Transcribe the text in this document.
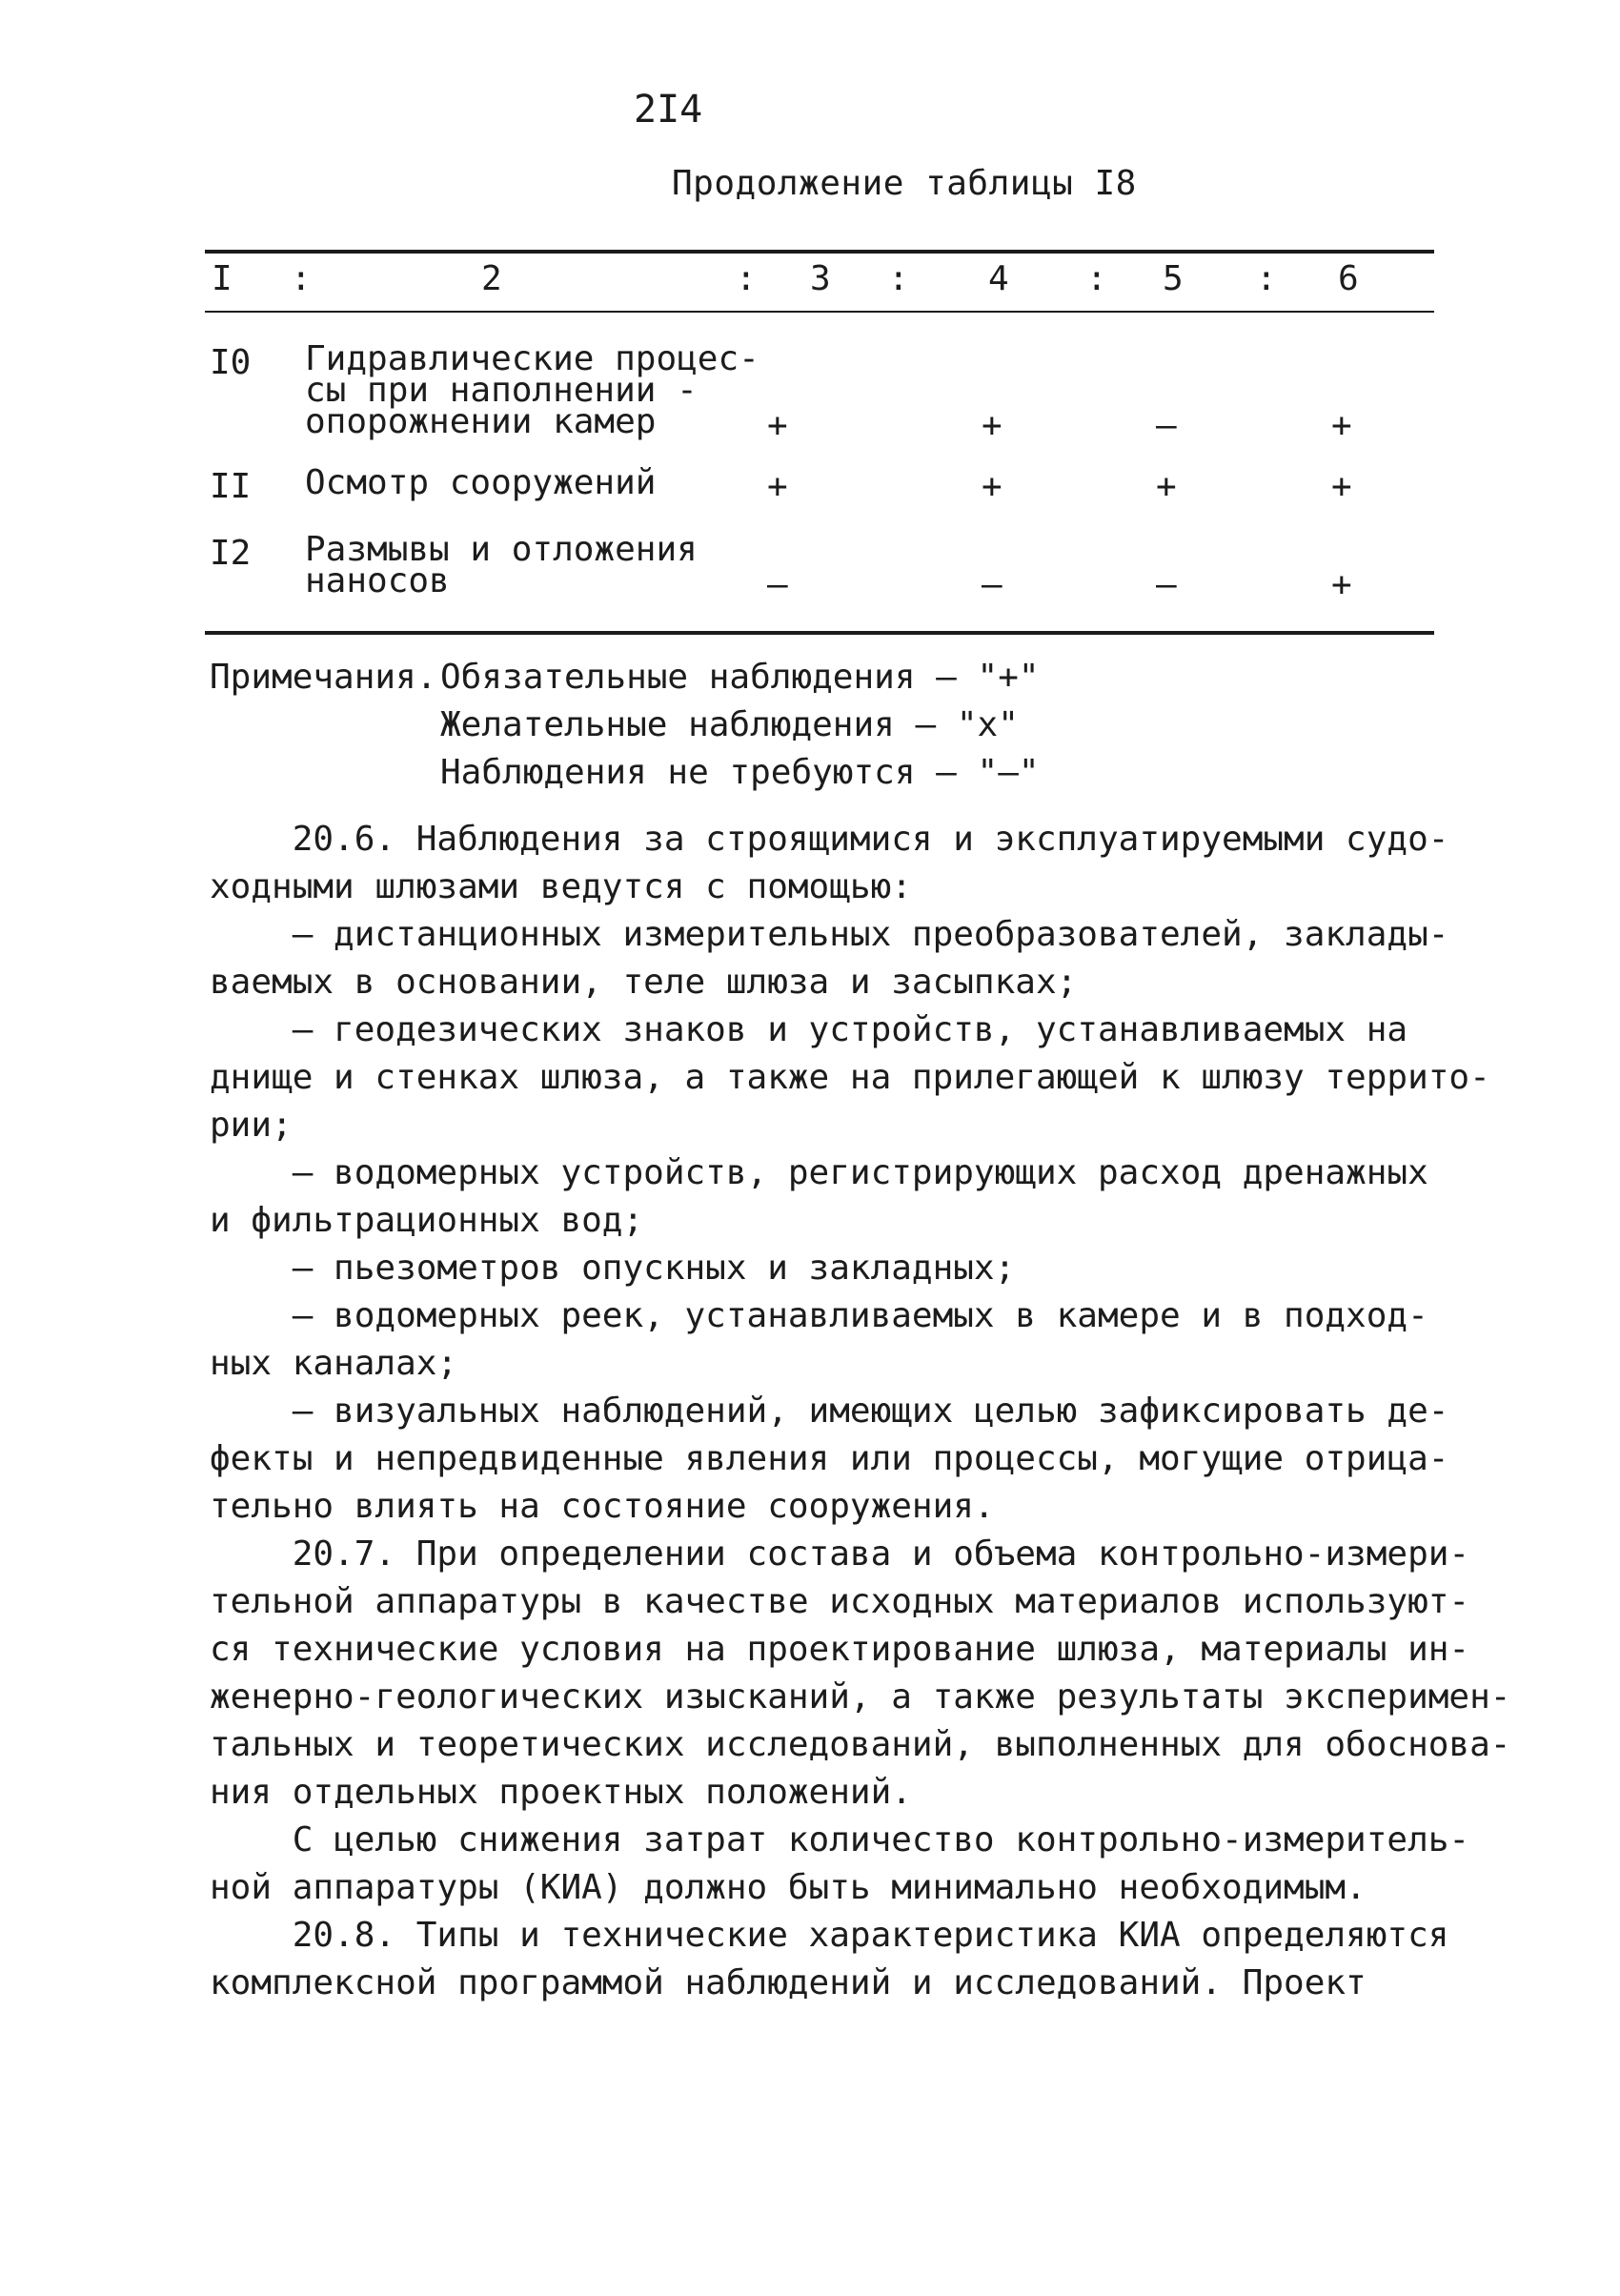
2I4
Продолжение таблицы I8
I :	2	: 3 : 4 : 5 : 6
I0 Гидравлические процес-
сы при наполнении -
опорожнении камер	+	+	–	+
II Осмотр сооружений	+	+	+	+
I2 Размывы и отложения
наносов	–	–	–	+
Примечания. Обязательные наблюдения – "+"
Желательные наблюдения – "x"
Наблюдения не требуются – "–"
20.6. Наблюдения за строящимися и эксплуатируемыми судо-
ходными шлюзами ведутся с помощью:
– дистанционных измерительных преобразователей, заклады-
ваемых в основании, теле шлюза и засыпках;
– геодезических знаков и устройств, устанавливаемых на
днище и стенках шлюза, а также на прилегающей к шлюзу террито-
рии;
– водомерных устройств, регистрирующих расход дренажных
и фильтрационных вод;
– пьезометров опускных и закладных;
– водомерных реек, устанавливаемых в камере и в подход-
ных каналах;
– визуальных наблюдений, имеющих целью зафиксировать де-
фекты и непредвиденные явления или процессы, могущие отрица-
тельно влиять на состояние сооружения.
20.7. При определении состава и объема контрольно-измери-
тельной аппаратуры в качестве исходных материалов используют-
ся технические условия на проектирование шлюза, материалы ин-
женерно-геологических изысканий, а также результаты эксперимен-
тальных и теоретических исследований, выполненных для обоснова-
ния отдельных проектных положений.
С целью снижения затрат количество контрольно-измеритель-
ной аппаратуры (КИА) должно быть минимально необходимым.
20.8. Типы и технические характеристика КИА определяются
комплексной программой наблюдений и исследований. Проект
